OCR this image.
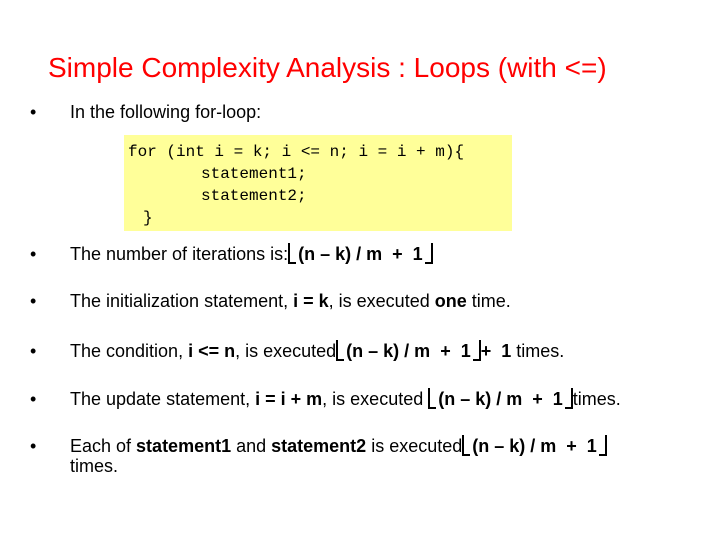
Simple Complexity Analysis : Loops (with <=)
• In the following for-loop:
for (int i = k; i <= n; i = i + m){
statement1;
statement2;
}
• The number of iterations is: (n – k) / m  +  1
• The initialization statement, i = k, is executed one time.
• The condition, i <= n, is executed (n – k) / m  +  1 +  1 times.
• The update statement, i = i + m, is executed
(n – k) / m  +  1 times.
• Each of statement1 and statement2 is executed (n – k) / m  +  1
times.
